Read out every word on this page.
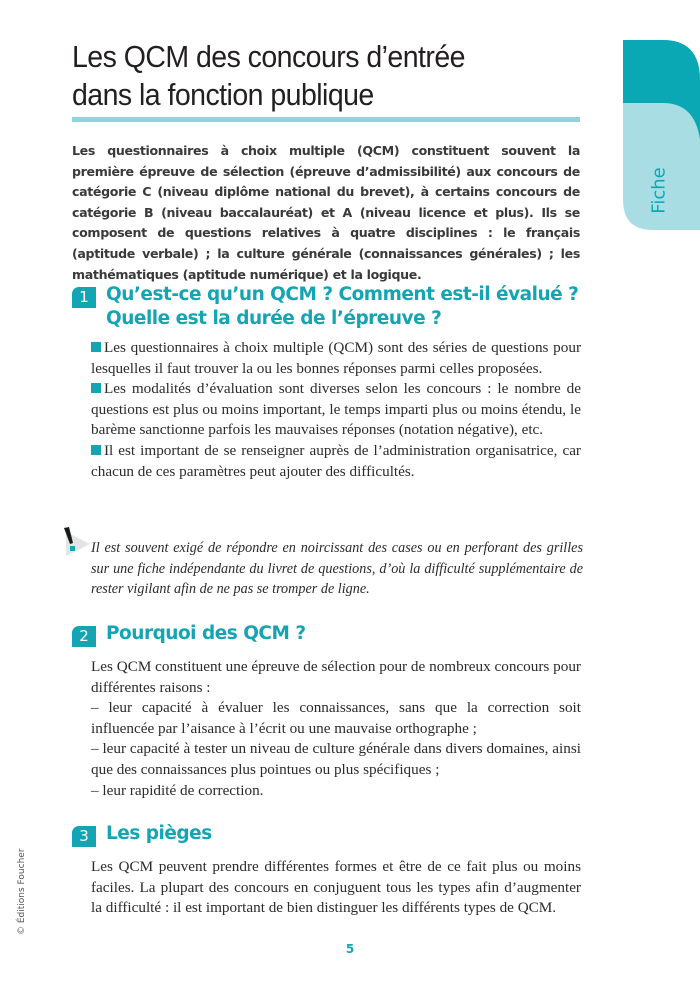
Les QCM des concours d’entrée
dans la fonction publique
Fiche

Les questionnaires à choix multiple (QCM) constituent souvent la première épreuve de sélection (épreuve d’admissibilité) aux concours de catégorie C (niveau diplôme national du brevet), à certains concours de catégorie B (niveau baccalauréat) et A (niveau licence et plus). Ils se composent de questions relatives à quatre disciplines : le français (aptitude verbale) ; la culture générale (connaissances générales) ; les mathématiques (aptitude numérique) et la logique.

1 Qu’est-ce qu’un QCM ? Comment est-il évalué ?
Quelle est la durée de l’épreuve ?

Les questionnaires à choix multiple (QCM) sont des séries de questions pour lesquelles il faut trouver la ou les bonnes réponses parmi celles proposées.
Les modalités d’évaluation sont diverses selon les concours : le nombre de questions est plus ou moins important, le temps imparti plus ou moins étendu, le barème sanctionne parfois les mauvaises réponses (notation négative), etc.
Il est important de se renseigner auprès de l’administration organisatrice, car chacun de ces paramètres peut ajouter des difficultés.

Il est souvent exigé de répondre en noircissant des cases ou en perforant des grilles sur une fiche indépendante du livret de questions, d’où la difficulté supplémentaire de rester vigilant afin de ne pas se tromper de ligne.

2 Pourquoi des QCM ?

Les QCM constituent une épreuve de sélection pour de nombreux concours pour différentes raisons :
– leur capacité à évaluer les connaissances, sans que la correction soit influencée par l’aisance à l’écrit ou une mauvaise orthographe ;
– leur capacité à tester un niveau de culture générale dans divers domaines, ainsi que des connaissances plus pointues ou plus spécifiques ;
– leur rapidité de correction.

3 Les pièges

Les QCM peuvent prendre différentes formes et être de ce fait plus ou moins faciles. La plupart des concours en conjuguent tous les types afin d’augmenter la difficulté : il est important de bien distinguer les différents types de QCM.

© Éditions Foucher
5
